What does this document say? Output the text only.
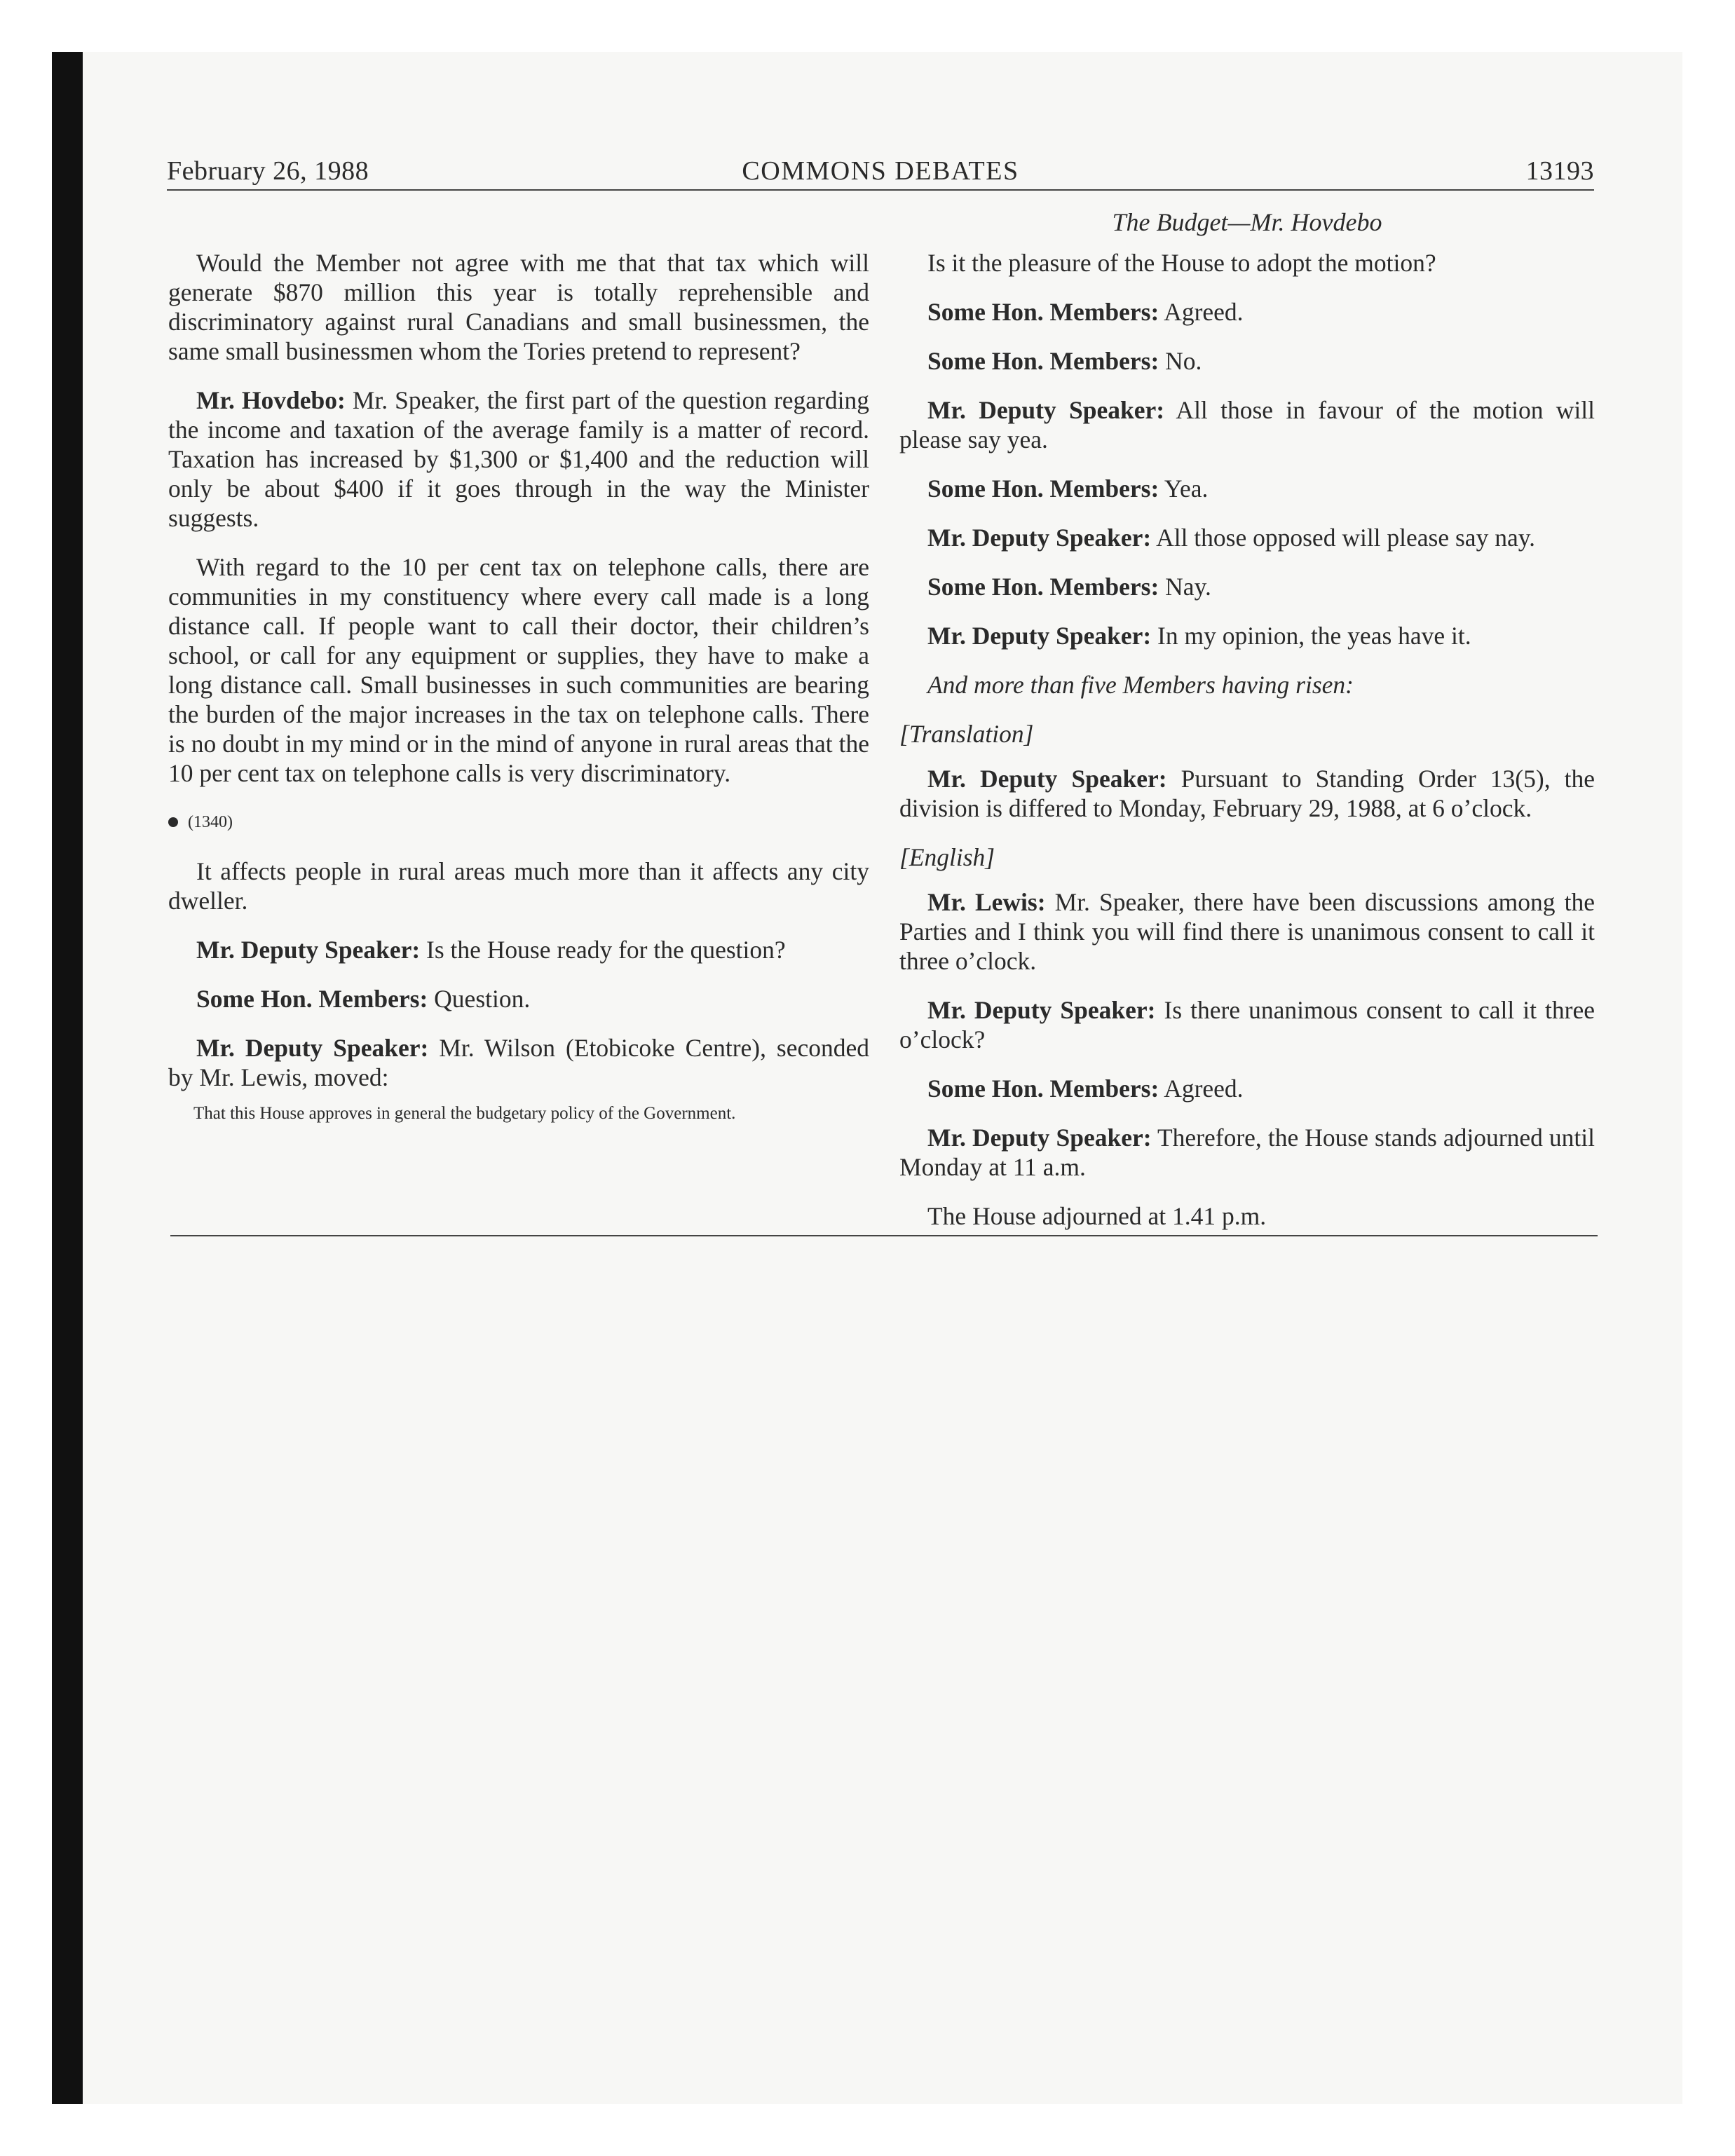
February 26, 1988	COMMONS DEBATES	13193

Would the Member not agree with me that that tax which will generate $870 million this year is totally reprehensible and discriminatory against rural Canadians and small businessmen, the same small businessmen whom the Tories pretend to represent?

Mr. Hovdebo: Mr. Speaker, the first part of the question regarding the income and taxation of the average family is a matter of record. Taxation has increased by $1,300 or $1,400 and the reduction will only be about $400 if it goes through in the way the Minister suggests.

With regard to the 10 per cent tax on telephone calls, there are communities in my constituency where every call made is a long distance call. If people want to call their doctor, their children’s school, or call for any equipment or supplies, they have to make a long distance call. Small businesses in such communities are bearing the burden of the major increases in the tax on telephone calls. There is no doubt in my mind or in the mind of anyone in rural areas that the 10 per cent tax on telephone calls is very discriminatory.

(1340)

It affects people in rural areas much more than it affects any city dweller.

Mr. Deputy Speaker: Is the House ready for the question?

Some Hon. Members: Question.

Mr. Deputy Speaker: Mr. Wilson (Etobicoke Centre), seconded by Mr. Lewis, moved:

That this House approves in general the budgetary policy of the Government.
The Budget—Mr. Hovdebo

Is it the pleasure of the House to adopt the motion?

Some Hon. Members: Agreed.

Some Hon. Members: No.

Mr. Deputy Speaker: All those in favour of the motion will please say yea.

Some Hon. Members: Yea.

Mr. Deputy Speaker: All those opposed will please say nay.

Some Hon. Members: Nay.

Mr. Deputy Speaker: In my opinion, the yeas have it.

And more than five Members having risen:
[Translation]

Mr. Deputy Speaker: Pursuant to Standing Order 13(5), the division is differed to Monday, February 29, 1988, at 6 o’clock.

[English]

Mr. Lewis: Mr. Speaker, there have been discussions among the Parties and I think you will find there is unanimous consent to call it three o’clock.

Mr. Deputy Speaker: Is there unanimous consent to call it three o’clock?

Some Hon. Members: Agreed.

Mr. Deputy Speaker: Therefore, the House stands adjourned until Monday at 11 a.m.

The House adjourned at 1.41 p.m.
